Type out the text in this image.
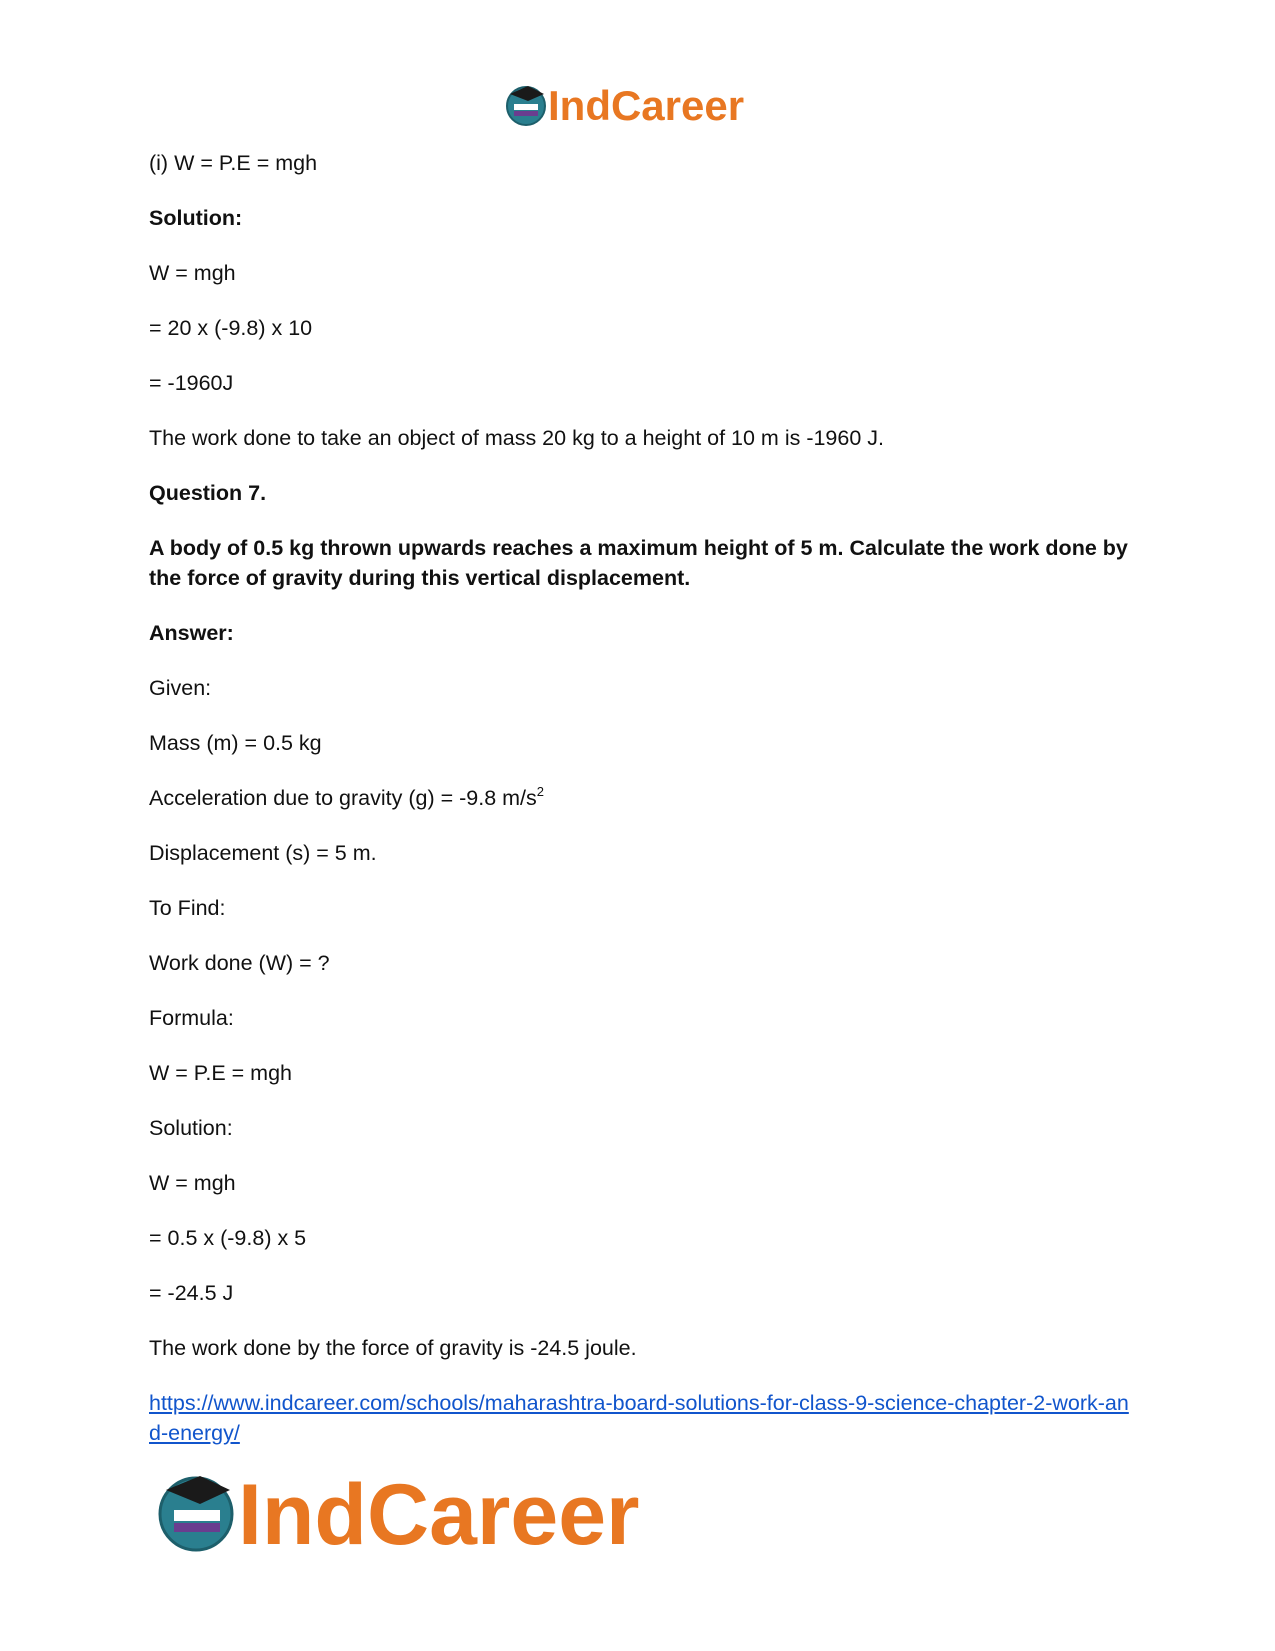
IndCareer
(i) W = P.E = mgh
Solution:
W = mgh
= 20 x (-9.8) x 10
= -1960J
The work done to take an object of mass 20 kg to a height of 10 m is -1960 J.
Question 7.
A body of 0.5 kg thrown upwards reaches a maximum height of 5 m. Calculate the work done by the force of gravity during this vertical displacement.
Answer:
Given:
Mass (m) = 0.5 kg
Acceleration due to gravity (g) = -9.8 $m/s^2$
Displacement (s) = 5 m.
To Find:
Work done (W) = ?
Formula:
W = P.E = mgh
Solution:
W = mgh
= 0.5 x (-9.8) x 5
= -24.5 J
The work done by the force of gravity is -24.5 joule.
https://www.indcareer.com/schools/maharashtra-board-solutions-for-class-9-science-chapter-2-work-and-energy/
IndCareer
